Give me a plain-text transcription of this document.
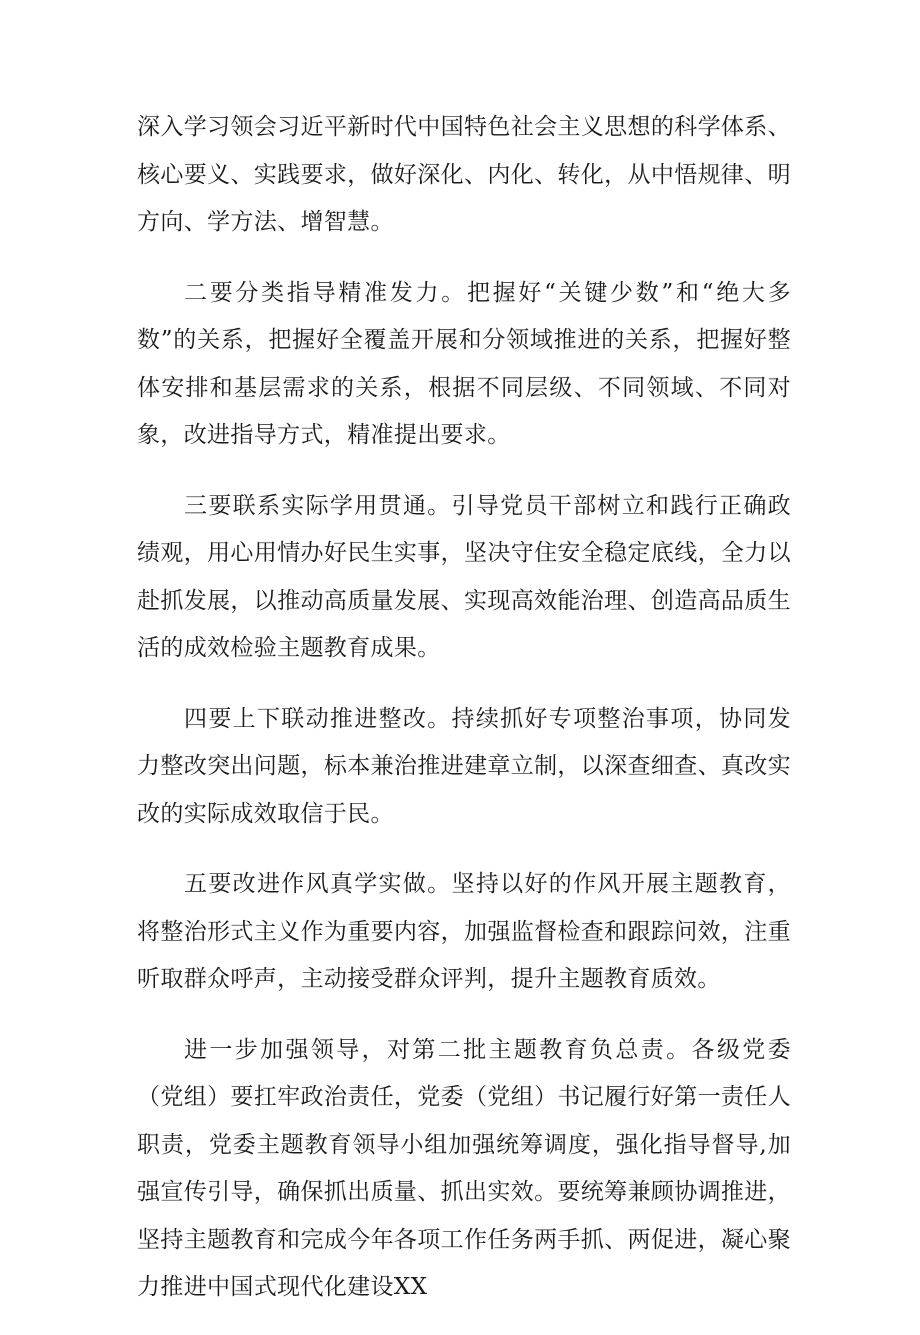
深入学习领会习近平新时代中国特色社会主义思想的科学体系、核心要义、实践要求，做好深化、内化、转化，从中悟规律、明方向、学方法、增智慧。

二要分类指导精准发力。把握好“关键少数”和“绝大多数”的关系，把握好全覆盖开展和分领域推进的关系，把握好整体安排和基层需求的关系，根据不同层级、不同领域、不同对象，改进指导方式，精准提出要求。

三要联系实际学用贯通。引导党员干部树立和践行正确政绩观，用心用情办好民生实事，坚决守住安全稳定底线，全力以赴抓发展，以推动高质量发展、实现高效能治理、创造高品质生活的成效检验主题教育成果。

四要上下联动推进整改。持续抓好专项整治事项，协同发力整改突出问题，标本兼治推进建章立制，以深查细查、真改实改的实际成效取信于民。

五要改进作风真学实做。坚持以好的作风开展主题教育，将整治形式主义作为重要内容，加强监督检查和跟踪问效，注重听取群众呼声，主动接受群众评判，提升主题教育质效。

进一步加强领导，对第二批主题教育负总责。各级党委（党组）要扛牢政治责任，党委（党组）书记履行好第一责任人职责，党委主题教育领导小组加强统筹调度，强化指导督导,加强宣传引导，确保抓出质量、抓出实效。要统筹兼顾协调推进，坚持主题教育和完成今年各项工作任务两手抓、两促进，凝心聚力推进中国式现代化建设XX
